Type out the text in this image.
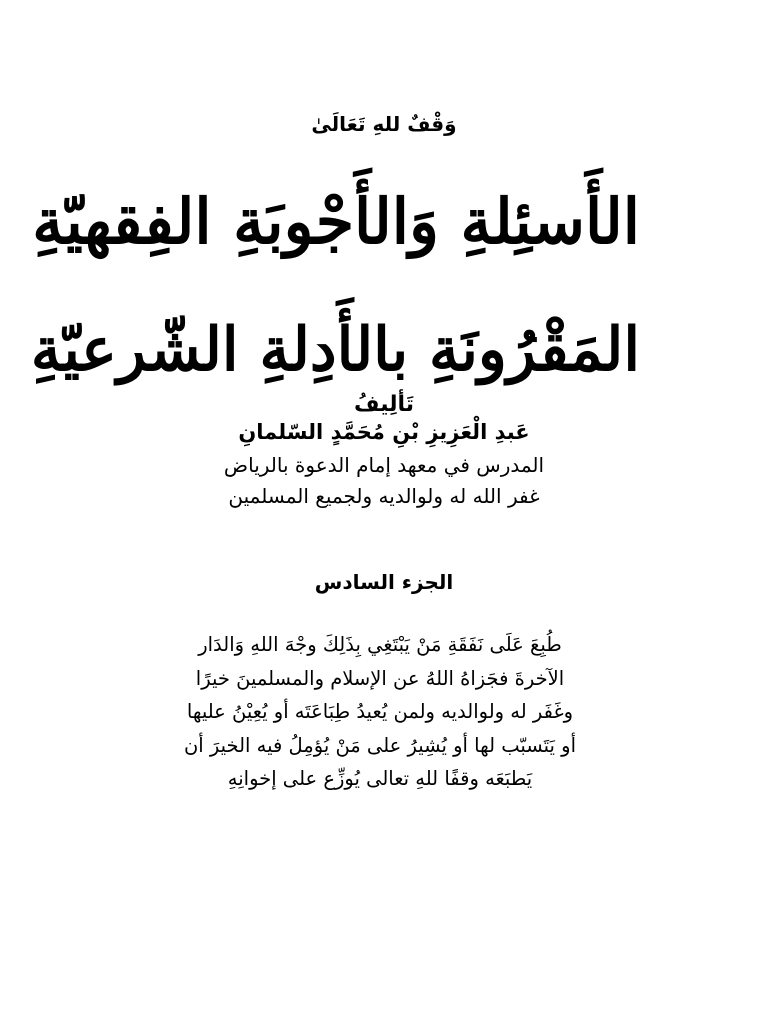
وَقْفٌ للهِ تَعَالَىٰ
الأَسئِلةِ وَالأَجْوبَةِ الفِقهيّةِ
المَقْرُونَةِ بالأَدِلةِ الشّرعيّةِ
تَألِيفُ
عَبدِ الْعَزِيزِ بْنِ مُحَمَّدٍ السّلمانِ
المدرس في معهد إمام الدعوة بالرياض
غفر الله له ولوالديه ولجميع المسلمين
الجزء السادس
طُبِعَ عَلَى نَفَقَةِ مَنْ يَبْتَغِي بِذَلِكَ وجْهَ اللهِ وَالدَار
الآخرةَ فجَزاهُ اللهُ عن الإسلام والمسلمينَ خيرًا
وغَفَر له ولوالديه ولمن يُعيدُ طِبَاعَتَه أو يُعِيْنُ عليها
أو يَتَسبّب لها أو يُشِيرُ على مَنْ يُؤمِلُ فيه الخيرَ أن
يَطبَعَه وقفًا للهِ تعالى يُوزِّع على إخوانِهِ
